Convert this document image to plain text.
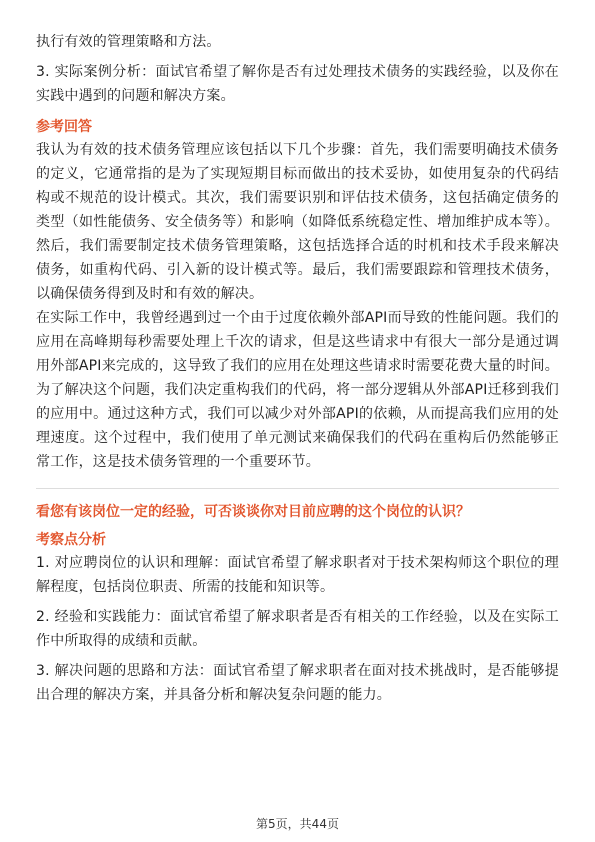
执行有效的管理策略和方法。

3. 实际案例分析：面试官希望了解你是否有过处理技术债务的实践经验，以及你在实践中遇到的问题和解决方案。

参考回答

我认为有效的技术债务管理应该包括以下几个步骤：首先，我们需要明确技术债务的定义，它通常指的是为了实现短期目标而做出的技术妥协，如使用复杂的代码结构或不规范的设计模式。其次，我们需要识别和评估技术债务，这包括确定债务的类型（如性能债务、安全债务等）和影响（如降低系统稳定性、增加维护成本等）。然后，我们需要制定技术债务管理策略，这包括选择合适的时机和技术手段来解决债务，如重构代码、引入新的设计模式等。最后，我们需要跟踪和管理技术债务，以确保债务得到及时和有效的解决。

在实际工作中，我曾经遇到过一个由于过度依赖外部API而导致的性能问题。我们的应用在高峰期每秒需要处理上千次的请求，但是这些请求中有很大一部分是通过调用外部API来完成的，这导致了我们的应用在处理这些请求时需要花费大量的时间。为了解决这个问题，我们决定重构我们的代码，将一部分逻辑从外部API迁移到我们的应用中。通过这种方式，我们可以减少对外部API的依赖，从而提高我们应用的处理速度。这个过程中，我们使用了单元测试来确保我们的代码在重构后仍然能够正常工作，这是技术债务管理的一个重要环节。

看您有该岗位一定的经验，可否谈谈你对目前应聘的这个岗位的认识？
考察点分析

1. 对应聘岗位的认识和理解：面试官希望了解求职者对于技术架构师这个职位的理解程度，包括岗位职责、所需的技能和知识等。

2. 经验和实践能力：面试官希望了解求职者是否有相关的工作经验，以及在实际工作中所取得的成绩和贡献。

3. 解决问题的思路和方法：面试官希望了解求职者在面对技术挑战时，是否能够提出合理的解决方案，并具备分析和解决复杂问题的能力。

第5页，共44页
